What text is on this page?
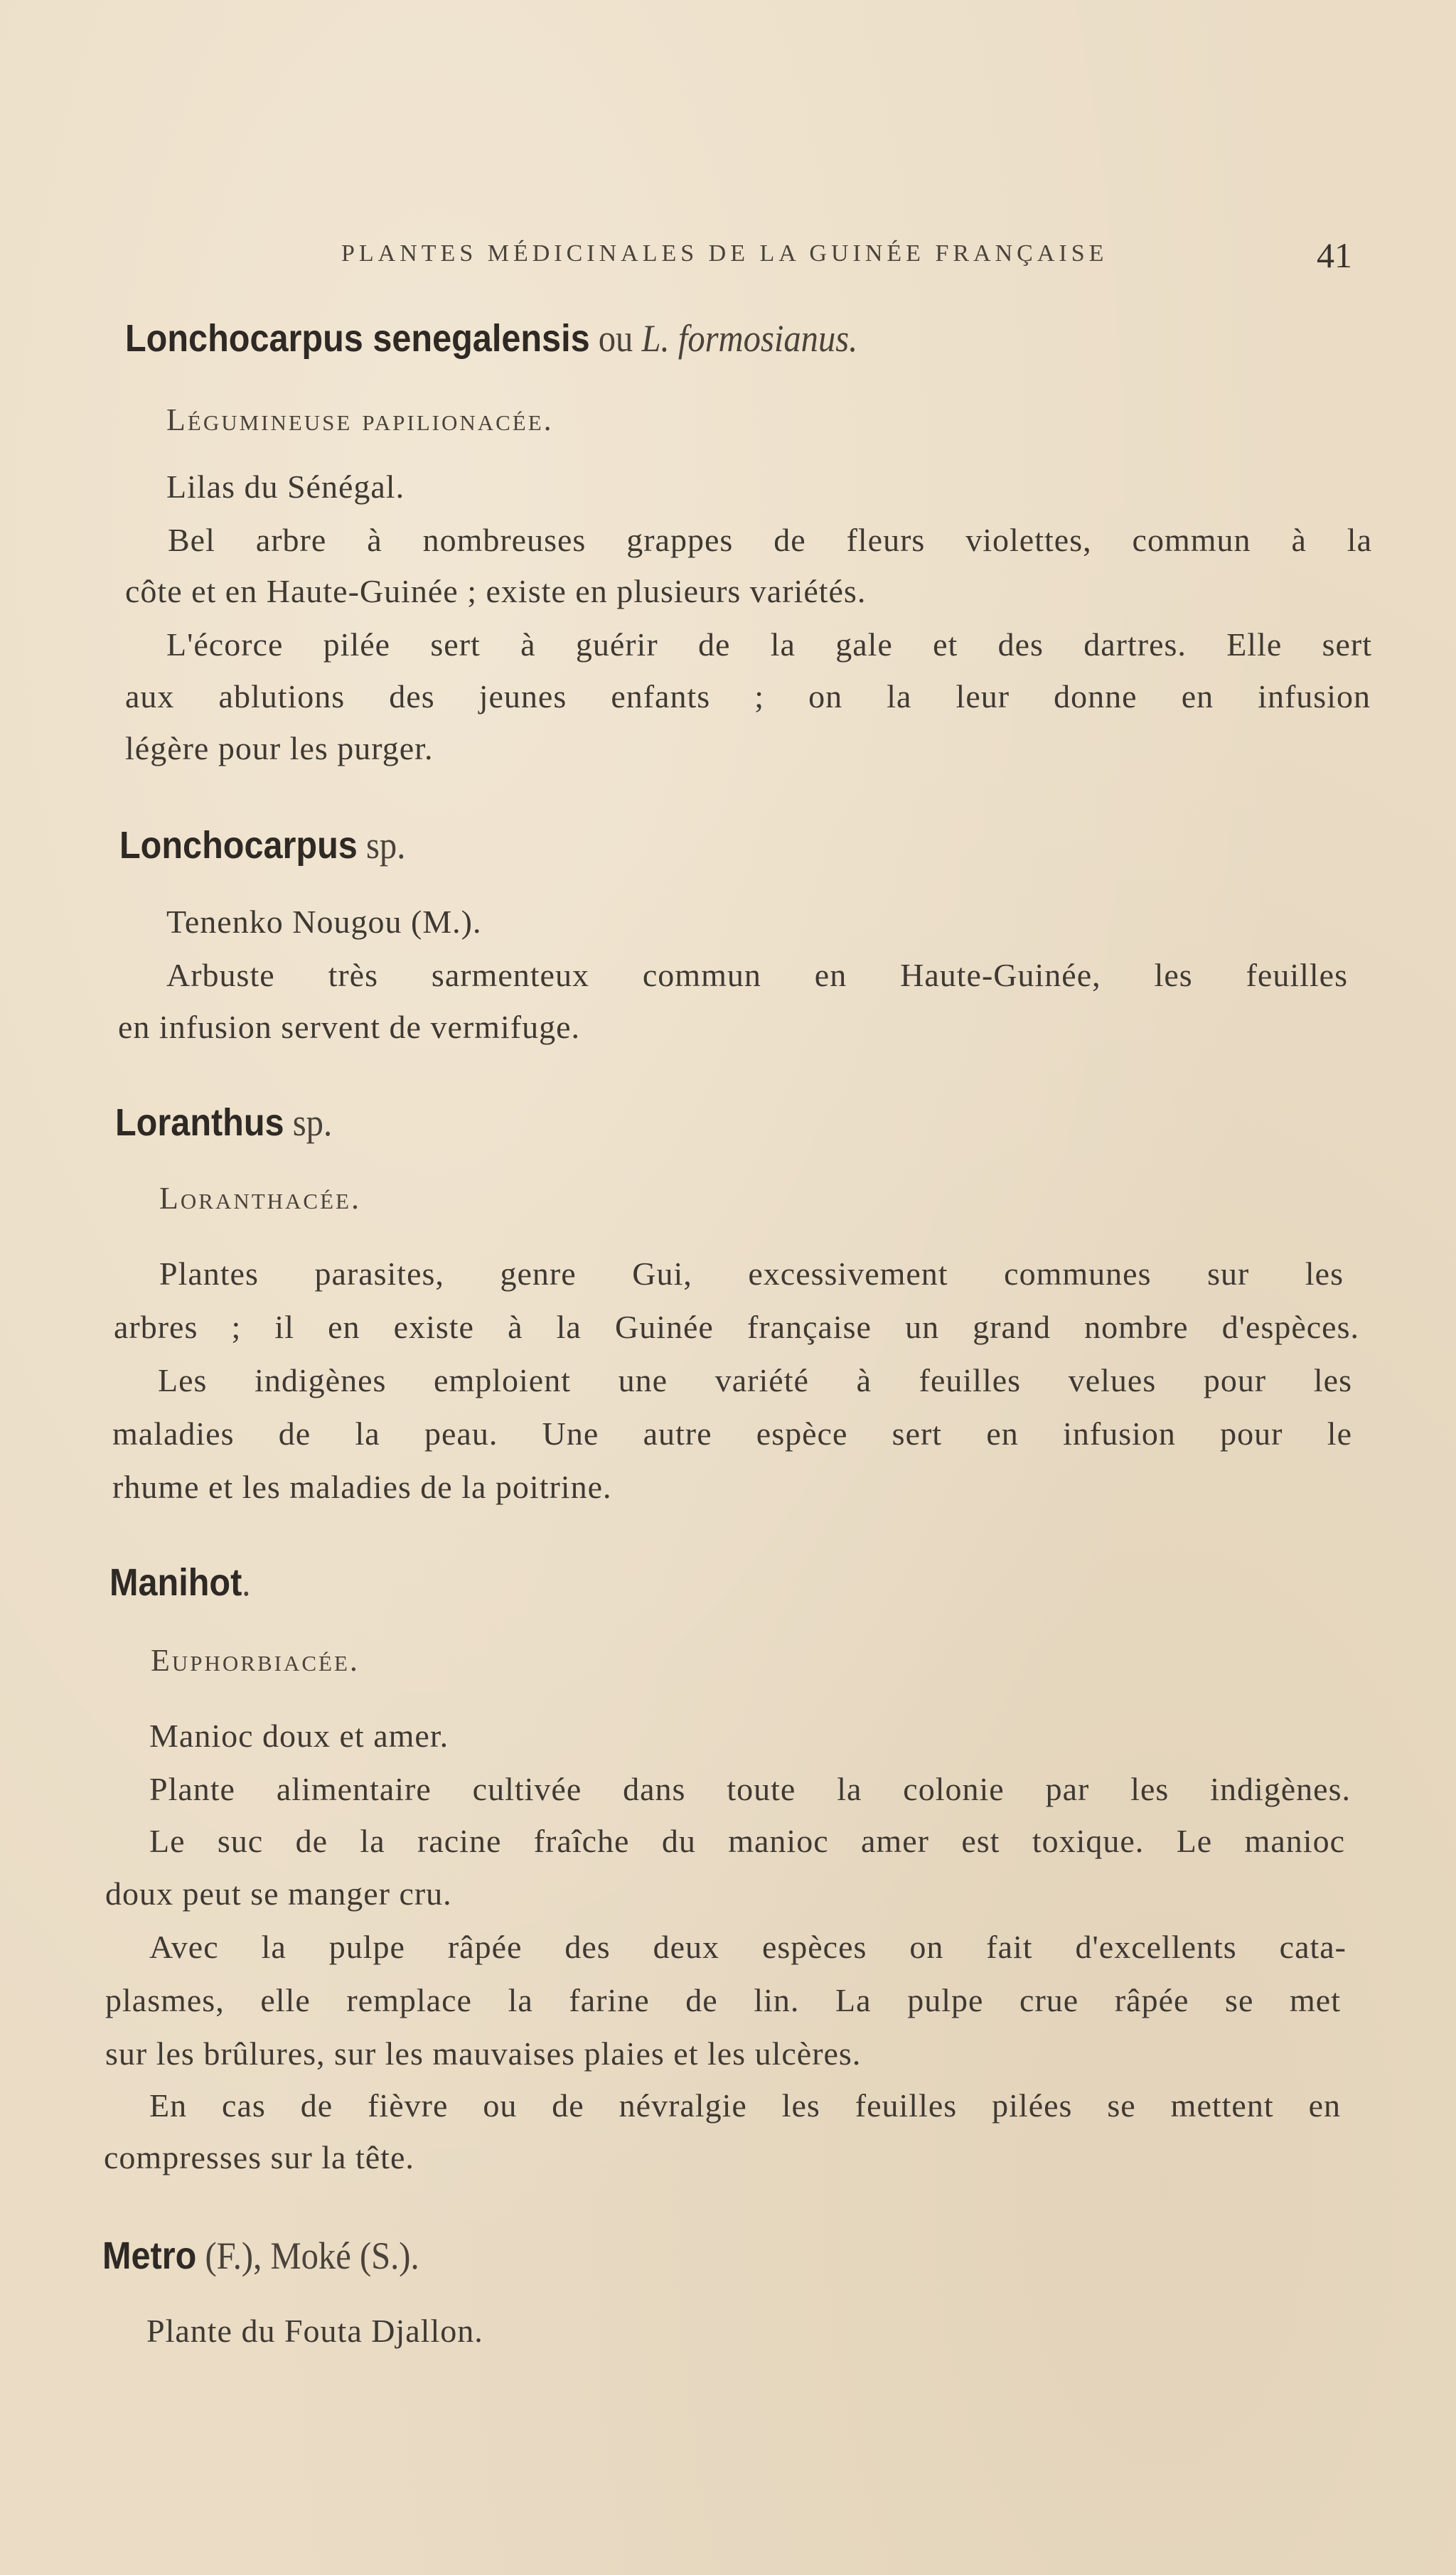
PLANTES MÉDICINALES DE LA GUINÉE FRANÇAISE	41
Lonchocarpus senegalensis ou L. formosianus.
Légumineuse papilionacée.
Lilas du Sénégal.
Bel arbre à nombreuses grappes de fleurs violettes, commun à la
côte et en Haute-Guinée ; existe en plusieurs variétés.
L'écorce pilée sert à guérir de la gale et des dartres. Elle sert
aux ablutions des jeunes enfants ; on la leur donne en infusion
légère pour les purger.
Lonchocarpus sp.
Tenenko Nougou (M.).
Arbuste très sarmenteux commun en Haute-Guinée, les feuilles
en infusion servent de vermifuge.
Loranthus sp.
Loranthacée.
Plantes parasites, genre Gui, excessivement communes sur les
arbres ; il en existe à la Guinée française un grand nombre d'espèces.
Les indigènes emploient une variété à feuilles velues pour les
maladies de la peau. Une autre espèce sert en infusion pour le
rhume et les maladies de la poitrine.
Manihot.
Euphorbiacée.
Manioc doux et amer.
Plante alimentaire cultivée dans toute la colonie par les indigènes.
Le suc de la racine fraîche du manioc amer est toxique. Le manioc
doux peut se manger cru.
Avec la pulpe râpée des deux espèces on fait d'excellents cata-
plasmes, elle remplace la farine de lin. La pulpe crue râpée se met
sur les brûlures, sur les mauvaises plaies et les ulcères.
En cas de fièvre ou de névralgie les feuilles pilées se mettent en
compresses sur la tête.
Metro (F.), Moké (S.).
Plante du Fouta Djallon.
